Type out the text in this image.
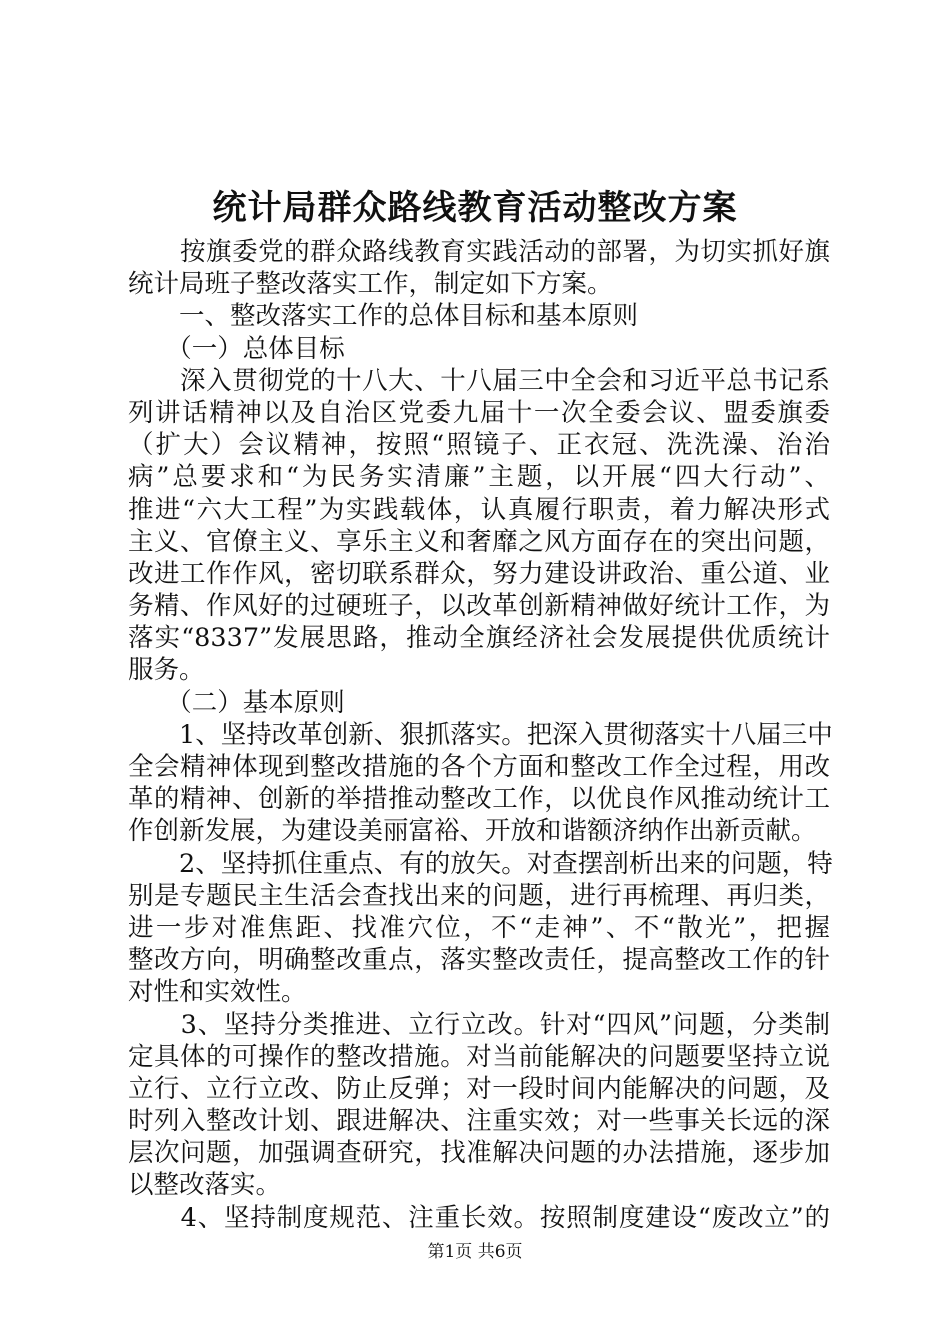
统计局群众路线教育活动整改方案
　　按旗委党的群众路线教育实践活动的部署，为切实抓好旗
统计局班子整改落实工作，制定如下方案。
　　一、整改落实工作的总体目标和基本原则
　　（一）总体目标
　　深入贯彻党的十八大、十八届三中全会和习近平总书记系
列讲话精神以及自治区党委九届十一次全委会议、盟委旗委
（扩大）会议精神，按照“照镜子、正衣冠、洗洗澡、治治
病”总要求和“为民务实清廉”主题，以开展“四大行动”、
推进“六大工程”为实践载体，认真履行职责，着力解决形式
主义、官僚主义、享乐主义和奢靡之风方面存在的突出问题，
改进工作作风，密切联系群众，努力建设讲政治、重公道、业
务精、作风好的过硬班子，以改革创新精神做好统计工作，为
落实“8337”发展思路，推动全旗经济社会发展提供优质统计
服务。
　　（二）基本原则
　　1、坚持改革创新、狠抓落实。把深入贯彻落实十八届三中
全会精神体现到整改措施的各个方面和整改工作全过程，用改
革的精神、创新的举措推动整改工作，以优良作风推动统计工
作创新发展，为建设美丽富裕、开放和谐额济纳作出新贡献。
　　2、坚持抓住重点、有的放矢。对查摆剖析出来的问题，特
别是专题民主生活会查找出来的问题，进行再梳理、再归类，
进一步对准焦距、找准穴位，不“走神”、不“散光”，把握
整改方向，明确整改重点，落实整改责任，提高整改工作的针
对性和实效性。
　　3、坚持分类推进、立行立改。针对“四风”问题，分类制
定具体的可操作的整改措施。对当前能解决的问题要坚持立说
立行、立行立改、防止反弹；对一段时间内能解决的问题，及
时列入整改计划、跟进解决、注重实效；对一些事关长远的深
层次问题，加强调查研究，找准解决问题的办法措施，逐步加
以整改落实。
　　4、坚持制度规范、注重长效。按照制度建设“废改立”的
第1页 共6页
